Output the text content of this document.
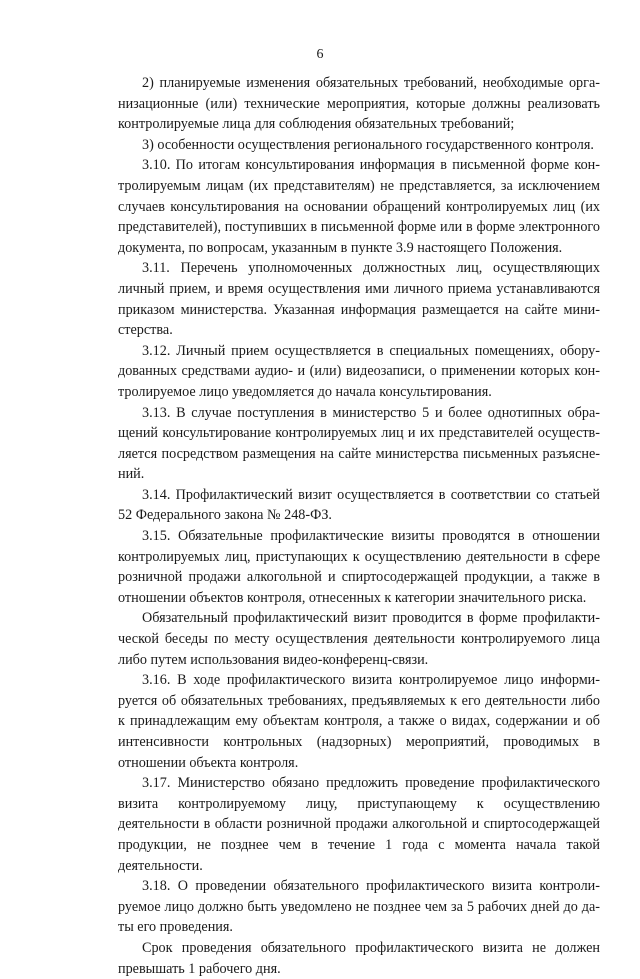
6

2) планируемые изменения обязательных требований, необходимые организационные (или) технические мероприятия, которые должны реализовать контролируемые лица для соблюдения обязательных требований;

3) особенности осуществления регионального государственного контроля.

3.10. По итогам консультирования информация в письменной форме контролируемым лицам (их представителям) не представляется, за исключением случаев консультирования на основании обращений контролируемых лиц (их представителей), поступивших в письменной форме или в форме электронного документа, по вопросам, указанным в пункте 3.9 настоящего Положения.

3.11. Перечень уполномоченных должностных лиц, осуществляющих личный прием, и время осуществления ими личного приема устанавливаются приказом министерства. Указанная информация размещается на сайте министерства.

3.12. Личный прием осуществляется в специальных помещениях, оборудованных средствами аудио- и (или) видеозаписи, о применении которых контролируемое лицо уведомляется до начала консультирования.

3.13. В случае поступления в министерство 5 и более однотипных обращений консультирование контролируемых лиц и их представителей осуществляется посредством размещения на сайте министерства письменных разъяснений.

3.14. Профилактический визит осуществляется в соответствии со статьей 52 Федерального закона № 248-ФЗ.

3.15. Обязательные профилактические визиты проводятся в отношении контролируемых лиц, приступающих к осуществлению деятельности в сфере розничной продажи алкогольной и спиртосодержащей продукции, а также в отношении объектов контроля, отнесенных к категории значительного риска.

Обязательный профилактический визит проводится в форме профилактической беседы по месту осуществления деятельности контролируемого лица либо путем использования видео-конференц-связи.

3.16. В ходе профилактического визита контролируемое лицо информируется об обязательных требованиях, предъявляемых к его деятельности либо к принадлежащим ему объектам контроля, а также о видах, содержании и об интенсивности контрольных (надзорных) мероприятий, проводимых в отношении объекта контроля.

3.17. Министерство обязано предложить проведение профилактического визита контролируемому лицу, приступающему к осуществлению деятельности в области розничной продажи алкогольной и спиртосодержащей продукции, не позднее чем в течение 1 года с момента начала такой деятельности.

3.18. О проведении обязательного профилактического визита контролируемое лицо должно быть уведомлено не позднее чем за 5 рабочих дней до даты его проведения.

Срок проведения обязательного профилактического визита не должен превышать 1 рабочего дня.
